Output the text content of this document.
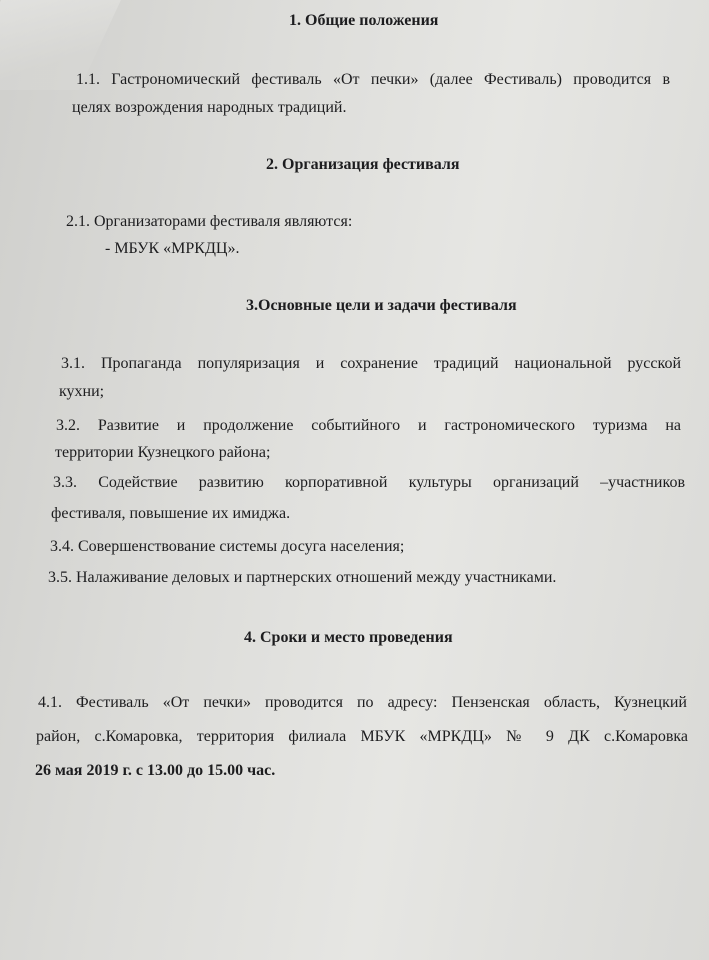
1. Общие положения
1.1. Гастрономический фестиваль «От печки» (далее Фестиваль) проводится в
целях возрождения народных традиций.
2. Организация фестиваля
2.1. Организаторами фестиваля являются:
- МБУК «МРКДЦ».
3.Основные цели и задачи фестиваля
3.1. Пропаганда популяризация и сохранение традиций национальной русской
кухни;
3.2. Развитие и продолжение событийного и гастрономического туризма на
территории Кузнецкого района;
3.3. Содействие развитию корпоративной культуры организаций –участников
фестиваля, повышение их имиджа.
3.4. Совершенствование системы досуга населения;
3.5. Налаживание деловых и партнерских отношений между участниками.
4. Сроки и место проведения
4.1. Фестиваль «От печки» проводится по адресу: Пензенская область, Кузнецкий
район, с.Комаровка, территория филиала МБУК «МРКДЦ» № 9 ДК с.Комаровка
26 мая 2019 г. с 13.00 до 15.00 час.
